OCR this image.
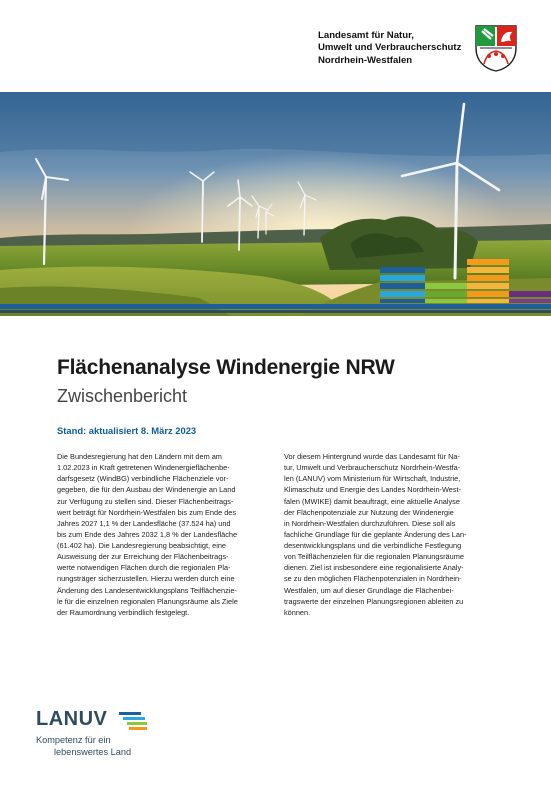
Landesamt für Natur,
Umwelt und Verbraucherschutz
Nordrhein-Westfalen
Flächenanalyse Windenergie NRW
Zwischenbericht
Stand: aktualisiert 8. März 2023
Die Bundesregierung hat den Ländern mit dem am
1.02.2023 in Kraft getretenen Windenergieflächenbe-
darfsgesetz (WindBG) verbindliche Flächenziele vor-
gegeben, die für den Ausbau der Windenergie an Land
zur Verfügung zu stellen sind. Dieser Flächenbeitrags-
wert beträgt für Nordrhein-Westfalen bis zum Ende des
Jahres 2027 1,1 % der Landesfläche (37.524 ha) und
bis zum Ende des Jahres 2032 1,8 % der Landesfläche
(61.402 ha). Die Landesregierung beabsichtigt, eine
Ausweisung der zur Erreichung der Flächenbeitrags-
werte notwendigen Flächen durch die regionalen Pla-
nungsträger sicherzustellen. Hierzu werden durch eine
Änderung des Landesentwicklungsplans Teilflächenzie-
le für die einzelnen regionalen Planungsräume als Ziele
der Raumordnung verbindlich festgelegt.
Vor diesem Hintergrund wurde das Landesamt für Na-
tur, Umwelt und Verbraucherschutz Nordrhein-Westfa-
len (LANUV) vom Ministerium für Wirtschaft, Industrie,
Klimaschutz und Energie des Landes Nordrhein-West-
falen (MWIKE) damit beauftragt, eine aktuelle Analyse
der Flächenpotenziale zur Nutzung der Windenergie
in Nordrhein-Westfalen durchzuführen. Diese soll als
fachliche Grundlage für die geplante Änderung des Lan-
desentwicklungsplans und die verbindliche Festlegung
von Teilflächenzielen für die regionalen Planungsräume
dienen. Ziel ist insbesondere eine regionalisierte Analy-
se zu den möglichen Flächenpotenzialen in Nordrhein-
Westfalen, um auf dieser Grundlage die Flächenbei-
tragswerte der einzelnen Planungsregionen ableiten zu
können.
LANUV
Kompetenz für ein
lebenswertes Land
